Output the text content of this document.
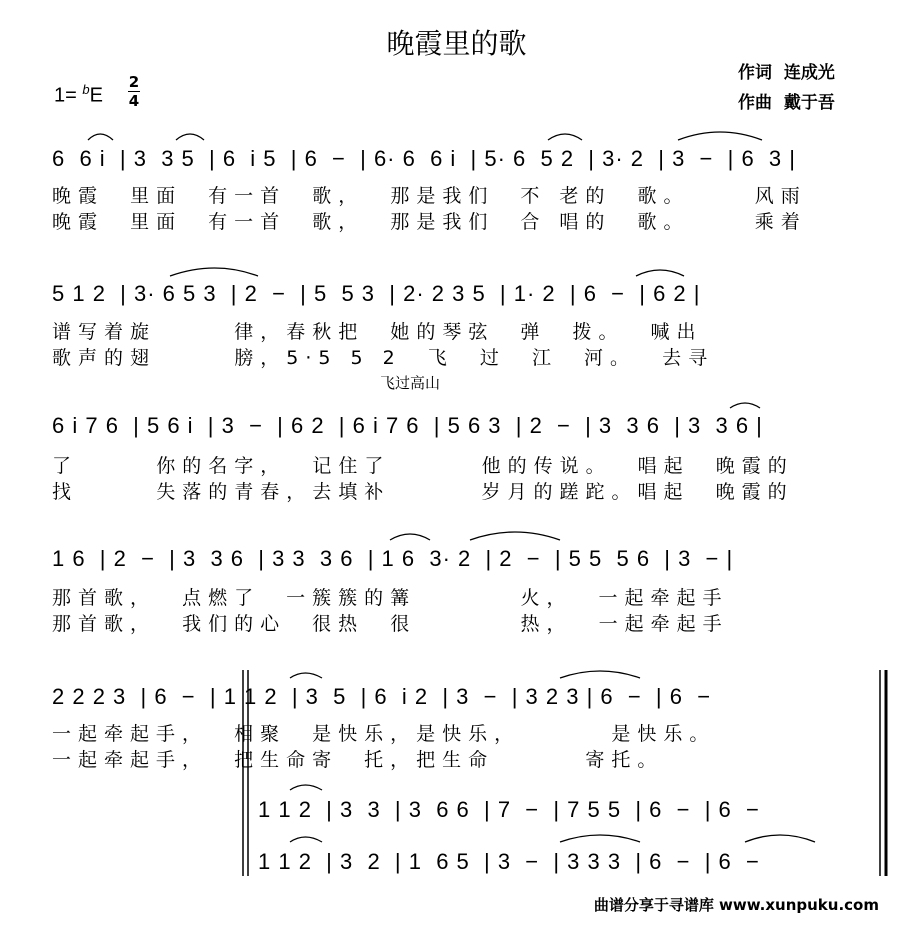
晚霞里的歌
作词  连成光
作曲  戴于吾
1= $^b$E
2
4
6  6 i  | 3  3 5  | 6  i 5  | 6  −  | 6· 6  6 i  | 5· 6  5 2  | 3· 2  | 3  −  | 6  3 |
晚霞  里面  有一首  歌，  那是我们  不 老的  歌。     风雨
晚霞  里面  有一首  歌，  那是我们  合 唱的  歌。     乘着
5 1 2  | 3· 6 5 3  | 2  −  | 5  5 3  | 2· 2 3 5  | 1· 2  | 6  −  | 6 2 |
谱写着旋      律，春秋把  她的琴弦  弹  拨。  喊出
歌声的翅      膀，5·5 5 2  飞  过  江  河。  去寻
飞过高山
6 i 7 6  | 5 6 i  | 3  −  | 6 2  | 6 i 7 6  | 5 6 3  | 2  −  | 3  3 6  | 3  3 6 |
了      你的名字，  记住了       他的传说。  唱起  晚霞的
找      失落的青春，去填补       岁月的蹉跎。唱起  晚霞的
1 6  | 2  −  | 3  3 6  | 3 3  3 6  | 1 6  3· 2  | 2  −  | 5 5  5 6  | 3  − |
那首歌，  点燃了  一簇簇的篝        火，  一起牵起手
那首歌，  我们的心  很热  很        热，  一起牵起手
2 2 2 3  | 6  −  | 1 1 2  | 3  5  | 6  i 2  | 3  −  | 3 2 3 | 6  −  | 6  −
一起牵起手，  相聚  是快乐，是快乐，       是快乐。
一起牵起手，  把生命寄  托，把生命       寄托。
1 1 2  | 3  3  | 3  6 6  | 7  −  | 7 5 5  | 6  −  | 6  −
1 1 2  | 3  2  | 1  6 5  | 3  −  | 3 3 3  | 6  −  | 6  −
曲谱分享于寻谱库 www.xunpuku.com
